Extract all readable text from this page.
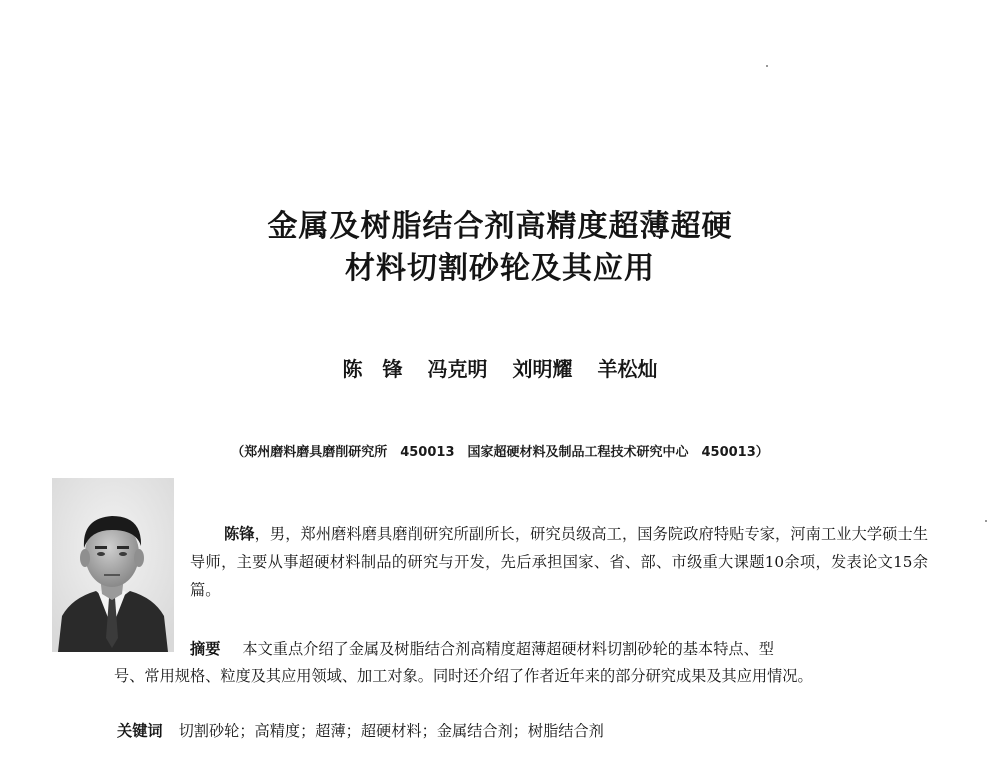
金属及树脂结合剂高精度超薄超硬
材料切割砂轮及其应用
陈　锋 冯克明 刘明耀 羊松灿
（郑州磨料磨具磨削研究所　450013　国家超硬材料及制品工程技术研究中心　450013）
陈锋，男，郑州磨料磨具磨削研究所副所长，研究员级高工，国务院政府特贴专家，河南工业大学硕士生导师，主要从事超硬材料制品的研究与开发，先后承担国家、省、部、市级重大课题10余项，发表论文15余篇。
摘要 本文重点介绍了金属及树脂结合剂高精度超薄超硬材料切割砂轮的基本特点、型
号、常用规格、粒度及其应用领域、加工对象。同时还介绍了作者近年来的部分研究成果及其应用情况。
关键词 切割砂轮；高精度；超薄；超硬材料；金属结合剂；树脂结合剂
